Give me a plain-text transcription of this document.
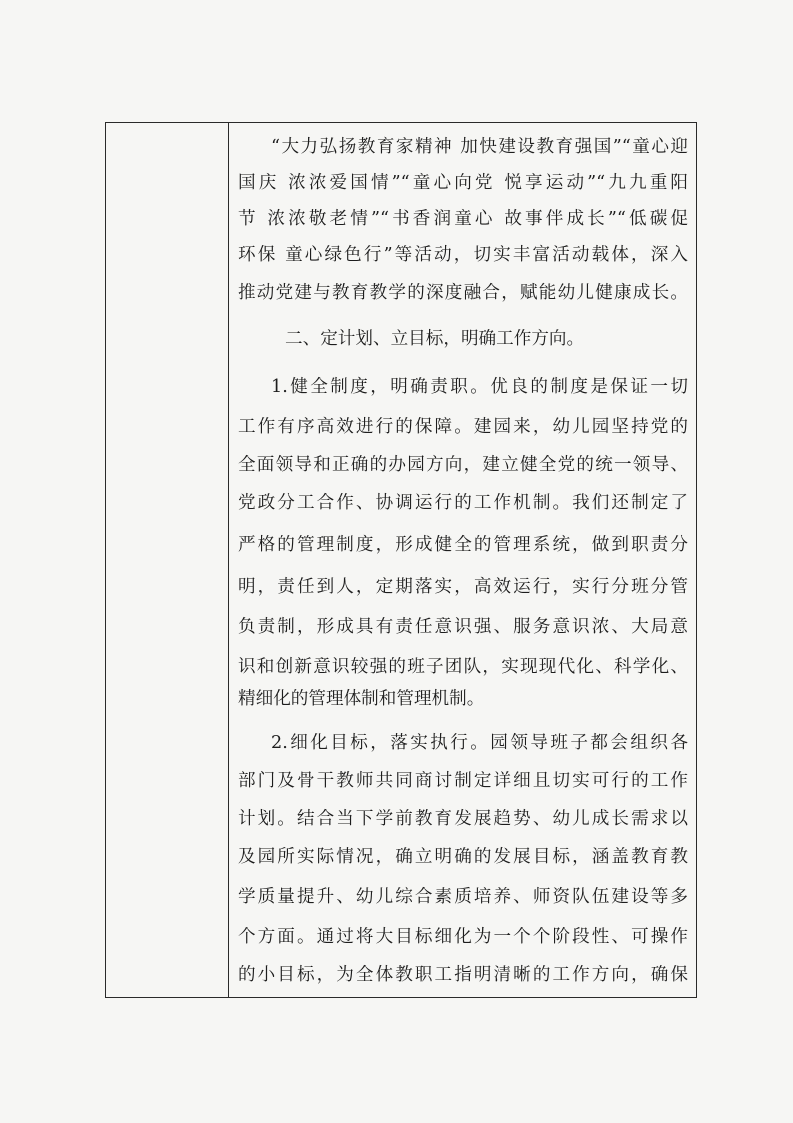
“大力弘扬教育家精神 加快建设教育强国”“童心迎
国庆 浓浓爱国情”“童心向党 悦享运动”“九九重阳
节 浓浓敬老情”“书香润童心 故事伴成长”“低碳促
环保 童心绿色行”等活动，切实丰富活动载体，深入
推动党建与教育教学的深度融合，赋能幼儿健康成长。
二、定计划、立目标，明确工作方向。
1.健全制度，明确责职。优良的制度是保证一切
工作有序高效进行的保障。建园来，幼儿园坚持党的
全面领导和正确的办园方向，建立健全党的统一领导、
党政分工合作、协调运行的工作机制。我们还制定了
严格的管理制度，形成健全的管理系统，做到职责分
明，责任到人，定期落实，高效运行，实行分班分管
负责制，形成具有责任意识强、服务意识浓、大局意
识和创新意识较强的班子团队，实现现代化、科学化、
精细化的管理体制和管理机制。
2.细化目标，落实执行。园领导班子都会组织各
部门及骨干教师共同商讨制定详细且切实可行的工作
计划。结合当下学前教育发展趋势、幼儿成长需求以
及园所实际情况，确立明确的发展目标，涵盖教育教
学质量提升、幼儿综合素质培养、师资队伍建设等多
个方面。通过将大目标细化为一个个阶段性、可操作
的小目标，为全体教职工指明清晰的工作方向，确保
